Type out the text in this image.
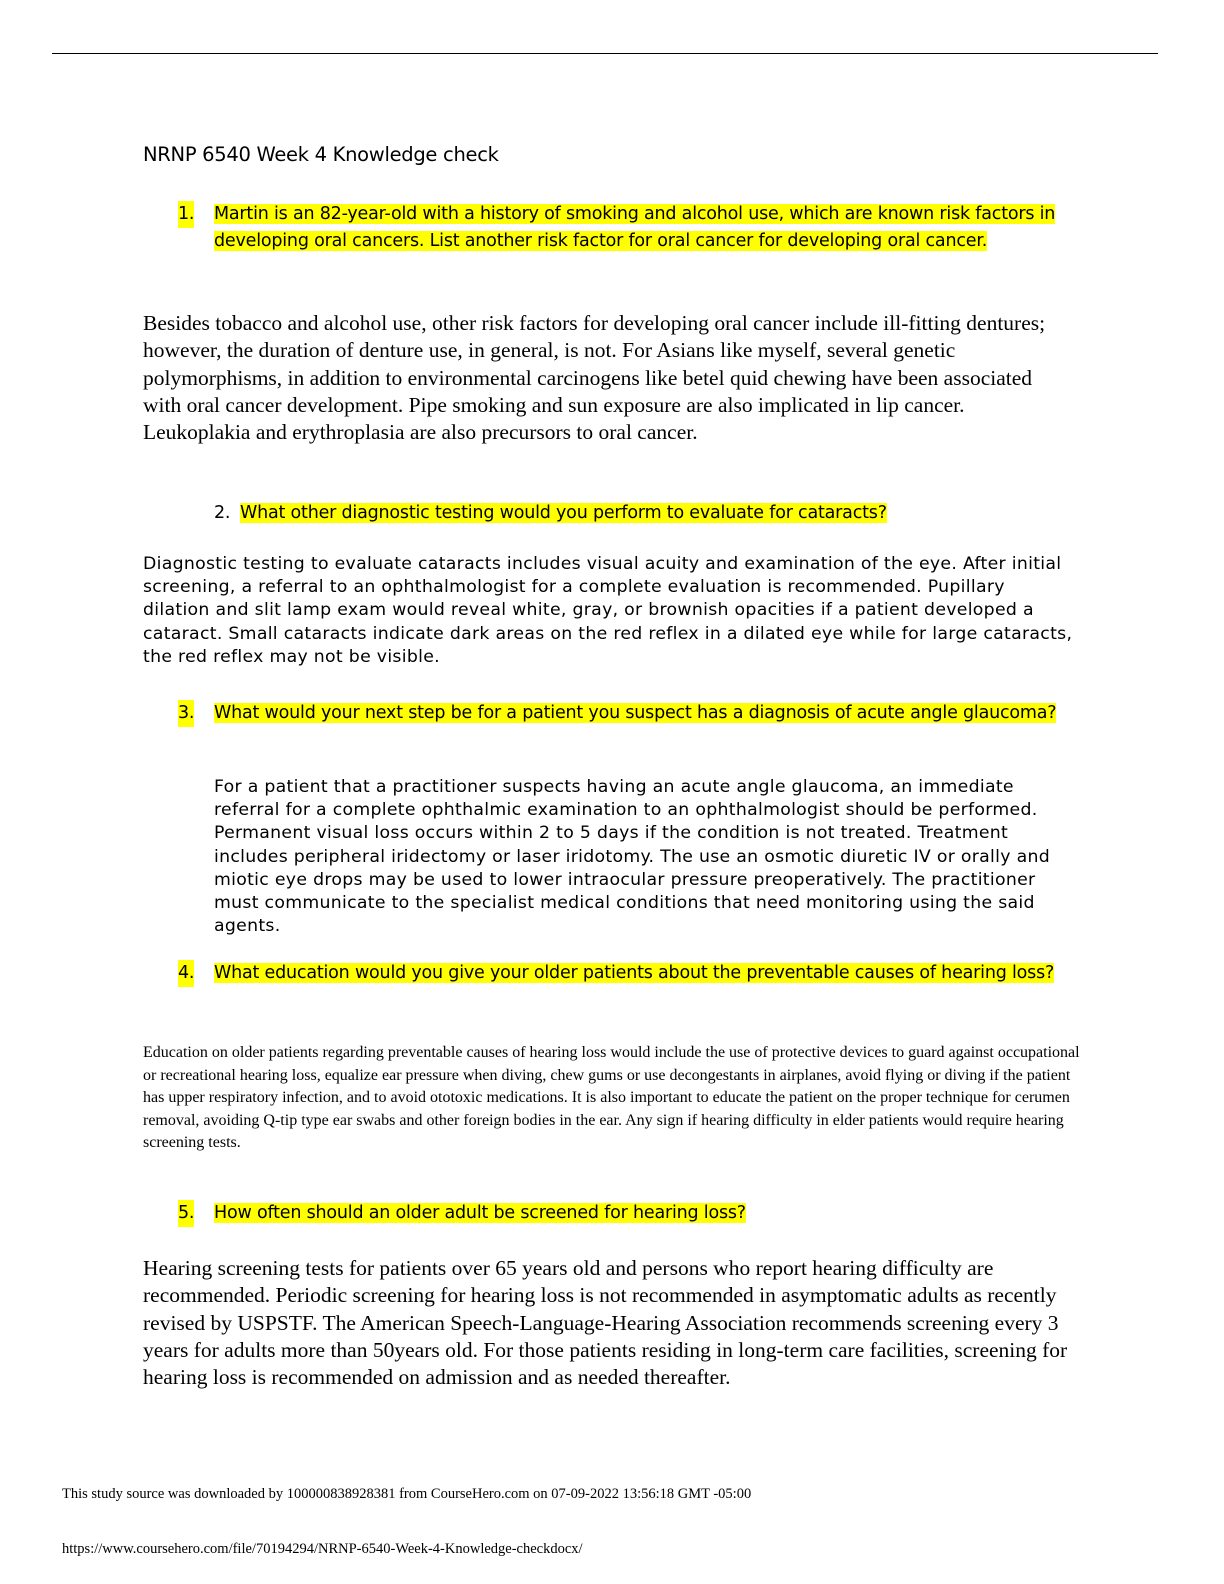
NRNP 6540 Week 4 Knowledge check
1. Martin is an 82-year-old with a history of smoking and alcohol use, which are known risk factors in developing oral cancers. List another risk factor for oral cancer for developing oral cancer.
Besides tobacco and alcohol use, other risk factors for developing oral cancer include ill-fitting dentures; however, the duration of denture use, in general, is not. For Asians like myself, several genetic polymorphisms, in addition to environmental carcinogens like betel quid chewing have been associated with oral cancer development. Pipe smoking and sun exposure are also implicated in lip cancer. Leukoplakia and erythroplasia are also precursors to oral cancer.
2. What other diagnostic testing would you perform to evaluate for cataracts?
Diagnostic testing to evaluate cataracts includes visual acuity and examination of the eye. After initial screening, a referral to an ophthalmologist for a complete evaluation is recommended. Pupillary dilation and slit lamp exam would reveal white, gray, or brownish opacities if a patient developed a cataract. Small cataracts indicate dark areas on the red reflex in a dilated eye while for large cataracts, the red reflex may not be visible.
3. What would your next step be for a patient you suspect has a diagnosis of acute angle glaucoma?
For a patient that a practitioner suspects having an acute angle glaucoma, an immediate referral for a complete ophthalmic examination to an ophthalmologist should be performed. Permanent visual loss occurs within 2 to 5 days if the condition is not treated. Treatment includes peripheral iridectomy or laser iridotomy. The use an osmotic diuretic IV or orally and miotic eye drops may be used to lower intraocular pressure preoperatively. The practitioner must communicate to the specialist medical conditions that need monitoring using the said agents.
4. What education would you give your older patients about the preventable causes of hearing loss?
Education on older patients regarding preventable causes of hearing loss would include the use of protective devices to guard against occupational or recreational hearing loss, equalize ear pressure when diving, chew gums or use decongestants in airplanes, avoid flying or diving if the patient has upper respiratory infection, and to avoid ototoxic medications. It is also important to educate the patient on the proper technique for cerumen removal, avoiding Q-tip type ear swabs and other foreign bodies in the ear. Any sign if hearing difficulty in elder patients would require hearing screening tests.
5. How often should an older adult be screened for hearing loss?
Hearing screening tests for patients over 65 years old and persons who report hearing difficulty are recommended. Periodic screening for hearing loss is not recommended in asymptomatic adults as recently revised by USPSTF. The American Speech-Language-Hearing Association recommends screening every 3 years for adults more than 50years old. For those patients residing in long-term care facilities, screening for hearing loss is recommended on admission and as needed thereafter.
This study source was downloaded by 100000838928381 from CourseHero.com on 07-09-2022 13:56:18 GMT -05:00
https://www.coursehero.com/file/70194294/NRNP-6540-Week-4-Knowledge-checkdocx/
